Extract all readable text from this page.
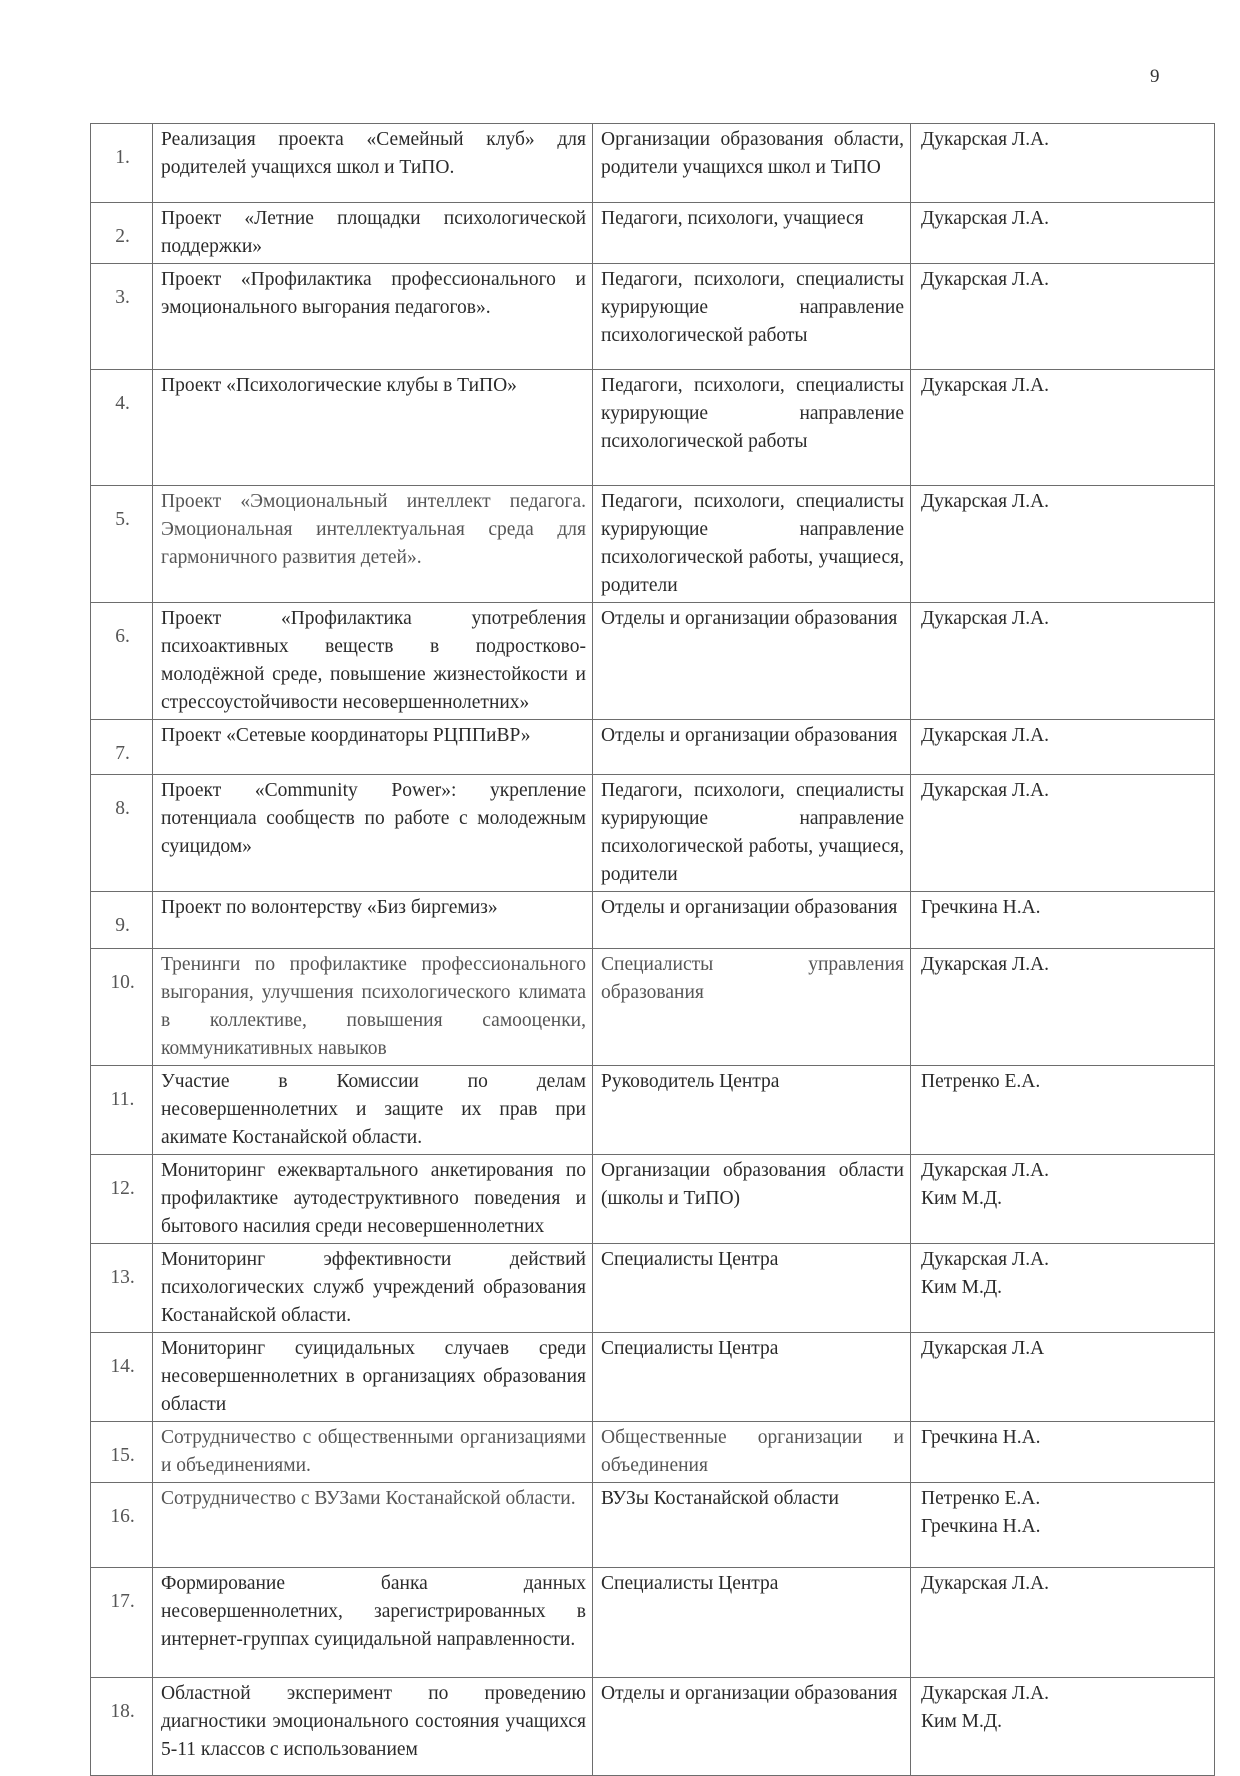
9
1.	Реализация проекта «Семейный клуб» для родителей учащихся школ и ТиПО.	Организации образования области, родители учащихся школ и ТиПО	Дукарская Л.А.
2.	Проект «Летние площадки психологической поддержки»	Педагоги, психологи, учащиеся	Дукарская Л.А.
3.	Проект «Профилактика профессионального и эмоционального выгорания педагогов».	Педагоги, психологи, специалисты курирующие направление психологической работы	Дукарская Л.А.
4.	Проект «Психологические клубы в ТиПО»	Педагоги, психологи, специалисты курирующие направление психологической работы	Дукарская Л.А.
5.	Проект «Эмоциональный интеллект педагога. Эмоциональная интеллектуальная среда для гармоничного развития детей».	Педагоги, психологи, специалисты курирующие направление психологической работы, учащиеся, родители	Дукарская Л.А.
6.	Проект «Профилактика употребления психоактивных веществ в подростково-молодёжной среде, повышение жизнестойкости и стрессоустойчивости несовершеннолетних»	Отделы и организации образования	Дукарская Л.А.
7.	Проект «Сетевые координаторы РЦППиВР»	Отделы и организации образования	Дукарская Л.А.
8.	Проект «Community Power»: укрепление потенциала сообществ по работе с молодежным суицидом»	Педагоги, психологи, специалисты курирующие направление психологической работы, учащиеся, родители	Дукарская Л.А.
9.	Проект по волонтерству «Биз биргемиз»	Отделы и организации образования	Гречкина Н.А.
10.	Тренинги по профилактике профессионального выгорания, улучшения психологического климата в коллективе, повышения самооценки, коммуникативных навыков	Специалисты управления образования	Дукарская Л.А.
11.	Участие в Комиссии по делам несовершеннолетних и защите их прав при акимате Костанайской области.	Руководитель Центра	Петренко Е.А.
12.	Мониторинг ежеквартального анкетирования по профилактике аутодеструктивного поведения и бытового насилия среди несовершеннолетних	Организации образования области (школы и ТиПО)	Дукарская Л.А.
Ким М.Д.
13.	Мониторинг эффективности действий психологических служб учреждений образования Костанайской области.	Специалисты Центра	Дукарская Л.А.
Ким М.Д.
14.	Мониторинг суицидальных случаев среди несовершеннолетних в организациях образования области	Специалисты Центра	Дукарская Л.А
15.	Сотрудничество с общественными организациями и объединениями.	Общественные организации и объединения	Гречкина Н.А.
16.	Сотрудничество с ВУЗами Костанайской области.	ВУЗы Костанайской области	Петренко Е.А.
Гречкина Н.А.
17.	Формирование банка данных несовершеннолетних, зарегистрированных в интернет-группах суицидальной направленности.	Специалисты Центра	Дукарская Л.А.
18.	Областной эксперимент по проведению диагностики эмоционального состояния учащихся 5-11 классов с использованием	Отделы и организации образования	Дукарская Л.А.
Ким М.Д.
